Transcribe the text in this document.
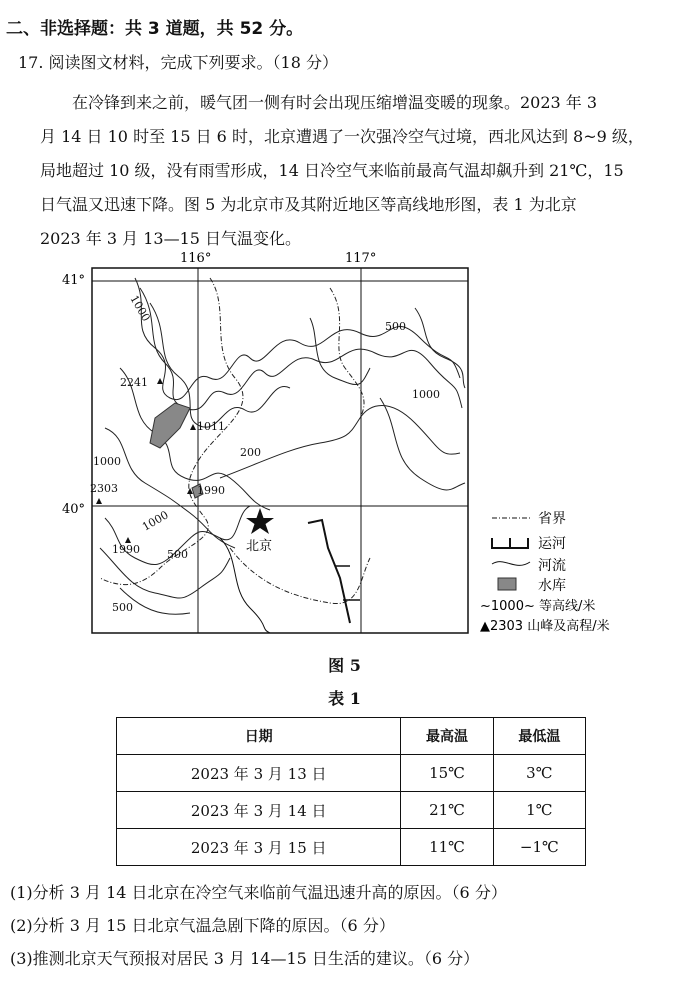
二、非选择题：共 3 道题，共 52 分。
17. 阅读图文材料，完成下列要求。（18 分）
在冷锋到来之前，暖气团一侧有时会出现压缩增温变暖的现象。2023 年 3
月 14 日 10 时至 15 日 6 时，北京遭遇了一次强冷空气过境，西北风达到 8~9 级，
局地超过 10 级，没有雨雪形成，14 日冷空气来临前最高气温却飙升到 21℃，15
日气温又迅速下降。图 5 为北京市及其附近地区等高线地形图，表 1 为北京
2023 年 3 月 13—15 日气温变化。
116°	117°
41°
40°
1000
500
1000
200
1000
1000
500
500
2241
1011
2303	1990
1990	北京
省界
运河
河流
水库
~1000~ 等高线/米
▲2303 山峰及高程/米
图 5
表 1
日期	最高温	最低温
2023 年 3 月 13 日	15℃	3℃
2023 年 3 月 14 日	21℃	1℃
2023 年 3 月 15 日	11℃	−1℃
(1)分析 3 月 14 日北京在冷空气来临前气温迅速升高的原因。（6 分）
(2)分析 3 月 15 日北京气温急剧下降的原因。（6 分）
(3)推测北京天气预报对居民 3 月 14—15 日生活的建议。（6 分）
